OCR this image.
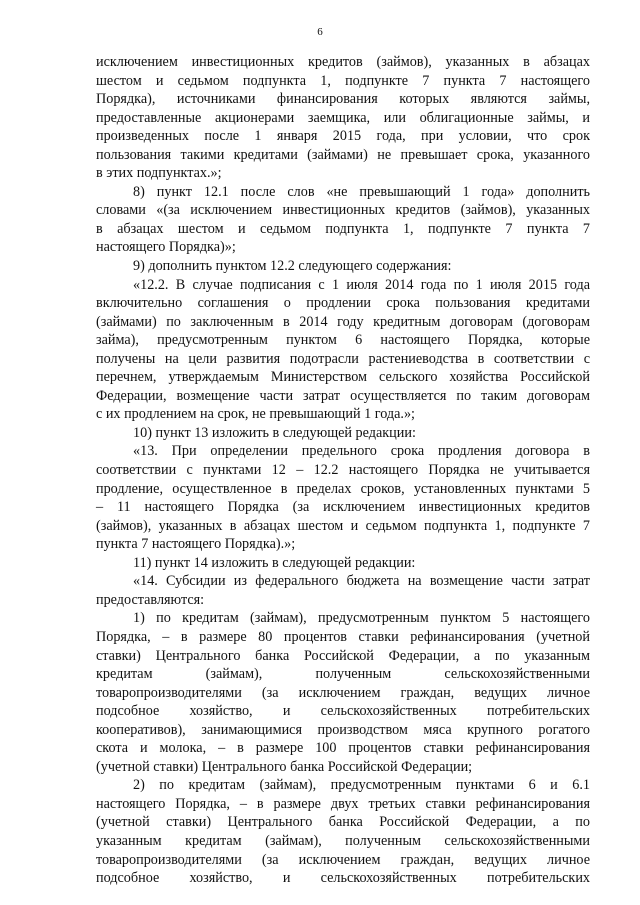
6
исключением инвестиционных кредитов (займов), указанных в абзацах
шестом и седьмом подпункта 1, подпункте 7 пункта 7 настоящего
Порядка), источниками финансирования которых являются займы,
предоставленные акционерами заемщика, или облигационные займы, и
произведенных после 1 января 2015 года, при условии, что срок
пользования такими кредитами (займами) не превышает срока, указанного
в этих подпунктах.»;
8) пункт 12.1 после слов «не превышающий 1 года» дополнить
словами «(за исключением инвестиционных кредитов (займов), указанных
в абзацах шестом и седьмом подпункта 1, подпункте 7 пункта 7
настоящего Порядка)»;
9) дополнить пунктом 12.2 следующего содержания:
«12.2. В случае подписания с 1 июля 2014 года по 1 июля 2015 года
включительно соглашения о продлении срока пользования кредитами
(займами) по заключенным в 2014 году кредитным договорам (договорам
займа), предусмотренным пунктом 6 настоящего Порядка, которые
получены на цели развития подотрасли растениеводства в соответствии с
перечнем, утверждаемым Министерством сельского хозяйства Российской
Федерации, возмещение части затрат осуществляется по таким договорам
с их продлением на срок, не превышающий 1 года.»;
10) пункт 13 изложить в следующей редакции:
«13. При определении предельного срока продления договора в
соответствии с пунктами 12 – 12.2 настоящего Порядка не учитывается
продление, осуществленное в пределах сроков, установленных пунктами 5
– 11 настоящего Порядка (за исключением инвестиционных кредитов
(займов), указанных в абзацах шестом и седьмом подпункта 1, подпункте 7
пункта 7 настоящего Порядка).»;
11) пункт 14 изложить в следующей редакции:
«14. Субсидии из федерального бюджета на возмещение части затрат
предоставляются:
1) по кредитам (займам), предусмотренным пунктом 5 настоящего
Порядка, – в размере 80 процентов ставки рефинансирования (учетной
ставки) Центрального банка Российской Федерации, а по указанным
кредитам (займам), полученным сельскохозяйственными
товаропроизводителями (за исключением граждан, ведущих личное
подсобное хозяйство, и сельскохозяйственных потребительских
кооперативов), занимающимися производством мяса крупного рогатого
скота и молока, – в размере 100 процентов ставки рефинансирования
(учетной ставки) Центрального банка Российской Федерации;
2) по кредитам (займам), предусмотренным пунктами 6 и 6.1
настоящего Порядка, – в размере двух третьих ставки рефинансирования
(учетной ставки) Центрального банка Российской Федерации, а по
указанным кредитам (займам), полученным сельскохозяйственными
товаропроизводителями (за исключением граждан, ведущих личное
подсобное хозяйство, и сельскохозяйственных потребительских
